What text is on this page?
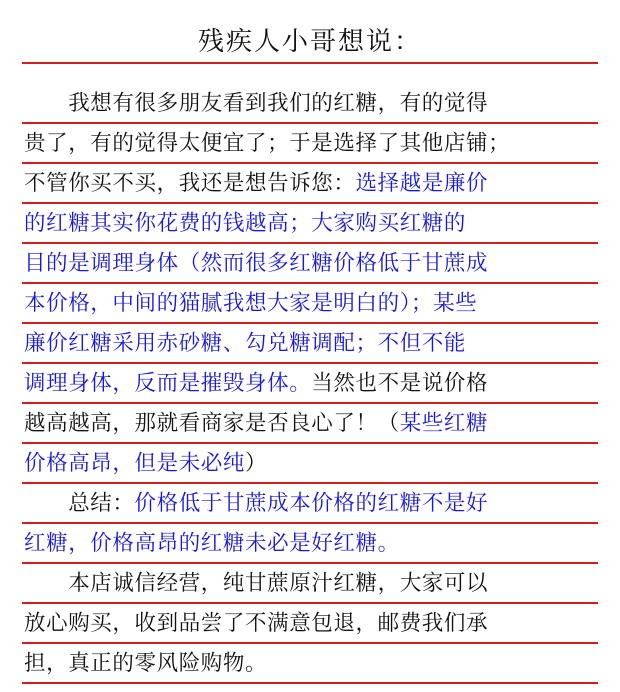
残疾人小哥想说：
　　我想有很多朋友看到我们的红糖，有的觉得
贵了，有的觉得太便宜了；于是选择了其他店铺；
不管你买不买，我还是想告诉您：选择越是廉价
的红糖其实你花费的钱越高；大家购买红糖的
目的是调理身体（然而很多红糖价格低于甘蔗成
本价格，中间的猫腻我想大家是明白的）；某些
廉价红糖采用赤砂糖、勾兑糖调配；不但不能
调理身体，反而是摧毁身体。当然也不是说价格
越高越高，那就看商家是否良心了！（某些红糖
价格高昂，但是未必纯）
　　总结：价格低于甘蔗成本价格的红糖不是好
红糖，价格高昂的红糖未必是好红糖。
　　本店诚信经营，纯甘蔗原汁红糖，大家可以
放心购买，收到品尝了不满意包退，邮费我们承
担，真正的零风险购物。
